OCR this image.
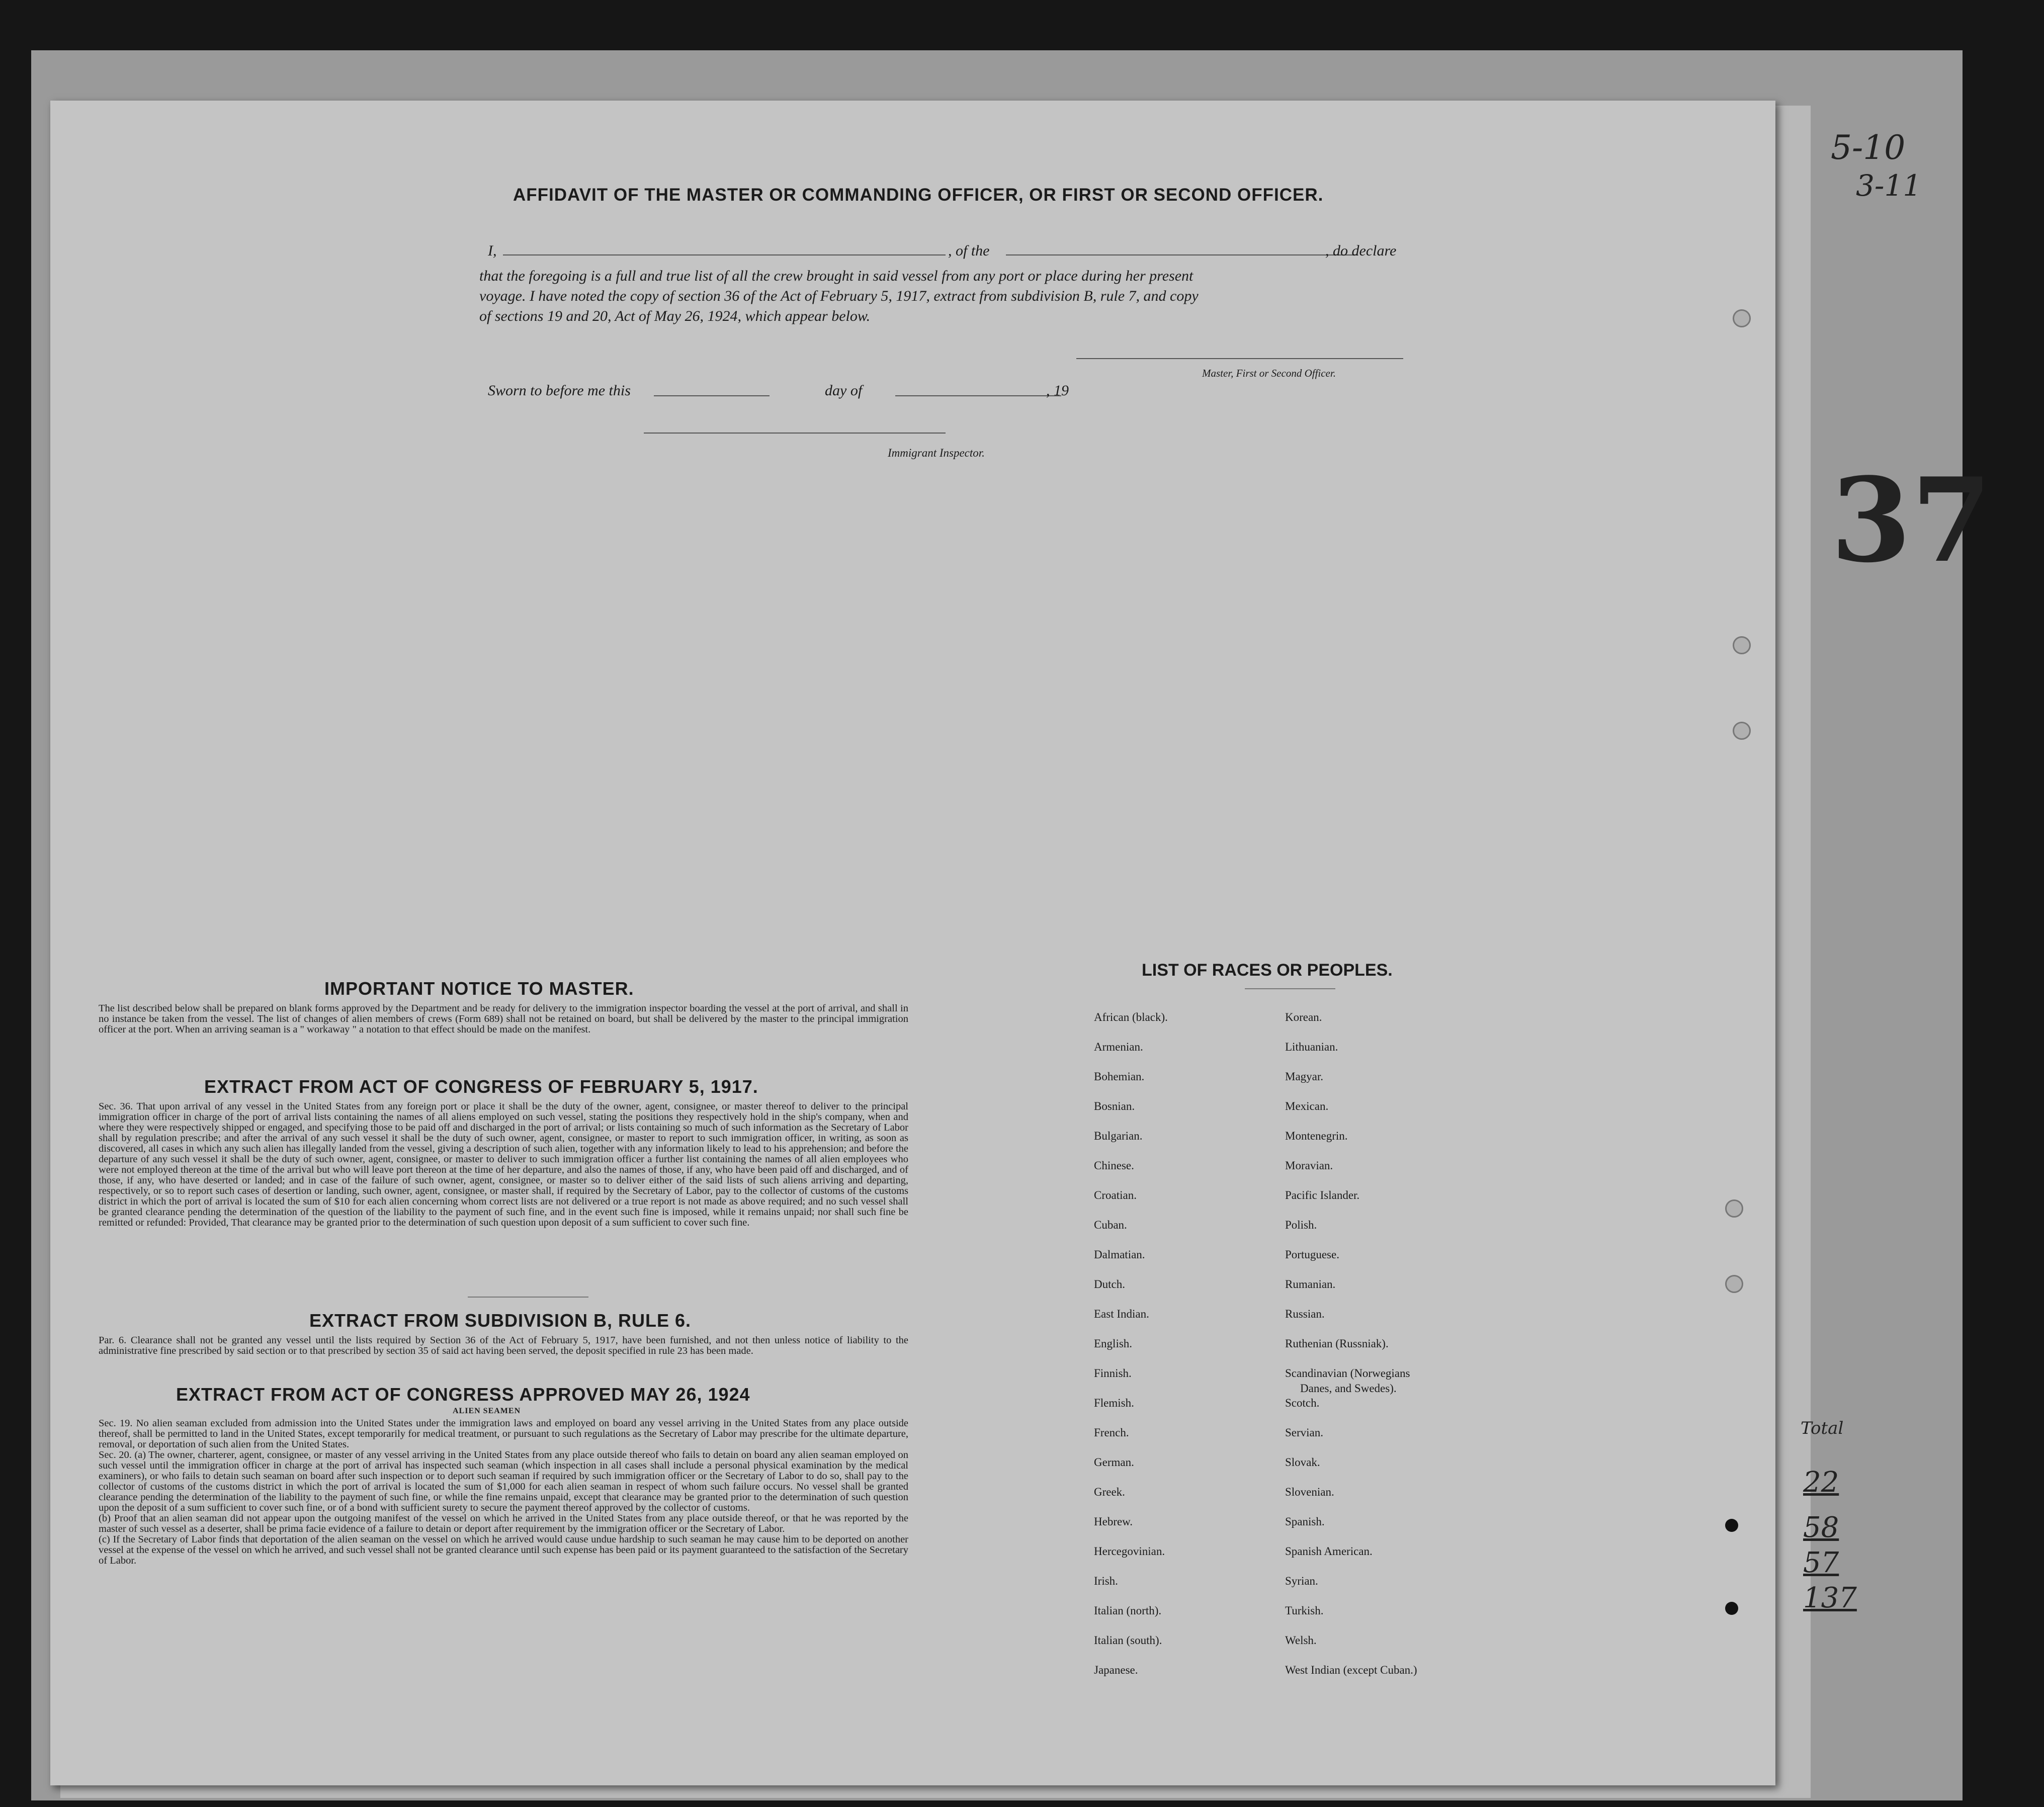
37
5-10
3-11
Total
22
58
57
137
AFFIDAVIT OF THE MASTER OR COMMANDING OFFICER, OR FIRST OR SECOND OFFICER.
I,	, of the	, do declare
that the foregoing is a full and true list of all the crew brought in said vessel from any port or place during her present
voyage. I have noted the copy of section 36 of the Act of February 5, 1917, extract from subdivision B, rule 7, and copy
of sections 19 and 20, Act of May 26, 1924, which appear below.
Master, First or Second Officer.
Sworn to before me this	day of	, 19
Immigrant Inspector.
IMPORTANT NOTICE TO MASTER.
The list described below shall be prepared on blank forms approved by the Department and be ready for delivery to the immigration inspector boarding the vessel at the port of arrival, and shall in no instance be taken from the vessel. The list of changes of alien members of crews (Form 689) shall not be retained on board, but shall be delivered by the master to the principal immigration officer at the port. When an arriving seaman is a " workaway " a notation to that effect should be made on the manifest.
EXTRACT FROM ACT OF CONGRESS OF FEBRUARY 5, 1917.
Sec. 36. That upon arrival of any vessel in the United States from any foreign port or place it shall be the duty of the owner, agent, consignee, or master thereof to deliver to the principal immigration officer in charge of the port of arrival lists containing the names of all aliens employed on such vessel, stating the positions they respectively hold in the ship's company, when and where they were respectively shipped or engaged, and specifying those to be paid off and discharged in the port of arrival; or lists containing so much of such information as the Secretary of Labor shall by regulation prescribe; and after the arrival of any such vessel it shall be the duty of such owner, agent, consignee, or master to report to such immigration officer, in writing, as soon as discovered, all cases in which any such alien has illegally landed from the vessel, giving a description of such alien, together with any information likely to lead to his apprehension; and before the departure of any such vessel it shall be the duty of such owner, agent, consignee, or master to deliver to such immigration officer a further list containing the names of all alien employees who were not employed thereon at the time of the arrival but who will leave port thereon at the time of her departure, and also the names of those, if any, who have been paid off and discharged, and of those, if any, who have deserted or landed; and in case of the failure of such owner, agent, consignee, or master so to deliver either of the said lists of such aliens arriving and departing, respectively, or so to report such cases of desertion or landing, such owner, agent, consignee, or master shall, if required by the Secretary of Labor, pay to the collector of customs of the customs district in which the port of arrival is located the sum of $10 for each alien concerning whom correct lists are not delivered or a true report is not made as above required; and no such vessel shall be granted clearance pending the determination of the question of the liability to the payment of such fine, and in the event such fine is imposed, while it remains unpaid; nor shall such fine be remitted or refunded: Provided, That clearance may be granted prior to the determination of such question upon deposit of a sum sufficient to cover such fine.
EXTRACT FROM SUBDIVISION B, RULE 6.
Par. 6. Clearance shall not be granted any vessel until the lists required by Section 36 of the Act of February 5, 1917, have been furnished, and not then unless notice of liability to the administrative fine prescribed by said section or to that prescribed by section 35 of said act having been served, the deposit specified in rule 23 has been made.
EXTRACT FROM ACT OF CONGRESS APPROVED MAY 26, 1924
ALIEN SEAMEN
Sec. 19. No alien seaman excluded from admission into the United States under the immigration laws and employed on board any vessel arriving in the United States from any place outside thereof, shall be permitted to land in the United States, except temporarily for medical treatment, or pursuant to such regulations as the Secretary of Labor may prescribe for the ultimate departure, removal, or deportation of such alien from the United States.
Sec. 20. (a) The owner, charterer, agent, consignee, or master of any vessel arriving in the United States from any place outside thereof who fails to detain on board any alien seaman employed on such vessel until the immigration officer in charge at the port of arrival has inspected such seaman (which inspection in all cases shall include a personal physical examination by the medical examiners), or who fails to detain such seaman on board after such inspection or to deport such seaman if required by such immigration officer or the Secretary of Labor to do so, shall pay to the collector of customs of the customs district in which the port of arrival is located the sum of $1,000 for each alien seaman in respect of whom such failure occurs. No vessel shall be granted clearance pending the determination of the liability to the payment of such fine, or while the fine remains unpaid, except that clearance may be granted prior to the determination of such question upon the deposit of a sum sufficient to cover such fine, or of a bond with sufficient surety to secure the payment thereof approved by the collector of customs.
(b) Proof that an alien seaman did not appear upon the outgoing manifest of the vessel on which he arrived in the United States from any place outside thereof, or that he was reported by the master of such vessel as a deserter, shall be prima facie evidence of a failure to detain or deport after requirement by the immigration officer or the Secretary of Labor.
(c) If the Secretary of Labor finds that deportation of the alien seaman on the vessel on which he arrived would cause undue hardship to such seaman he may cause him to be deported on another vessel at the expense of the vessel on which he arrived, and such vessel shall not be granted clearance until such expense has been paid or its payment guaranteed to the satisfaction of the Secretary of Labor.
LIST OF RACES OR PEOPLES.
African (black).
Armenian.
Bohemian.
Bosnian.
Bulgarian.
Chinese.
Croatian.
Cuban.
Dalmatian.
Dutch.
East Indian.
English.
Finnish.
Flemish.
French.
German.
Greek.
Hebrew.
Hercegovinian.
Irish.
Italian (north).
Italian (south).
Japanese.
Korean.
Lithuanian.
Magyar.
Mexican.
Montenegrin.
Moravian.
Pacific Islander.
Polish.
Portuguese.
Rumanian.
Russian.
Ruthenian (Russniak).
Scandinavian (Norwegians
Danes, and Swedes).
Scotch.
Servian.
Slovak.
Slovenian.
Spanish.
Spanish American.
Syrian.
Turkish.
Welsh.
West Indian (except Cuban.)
